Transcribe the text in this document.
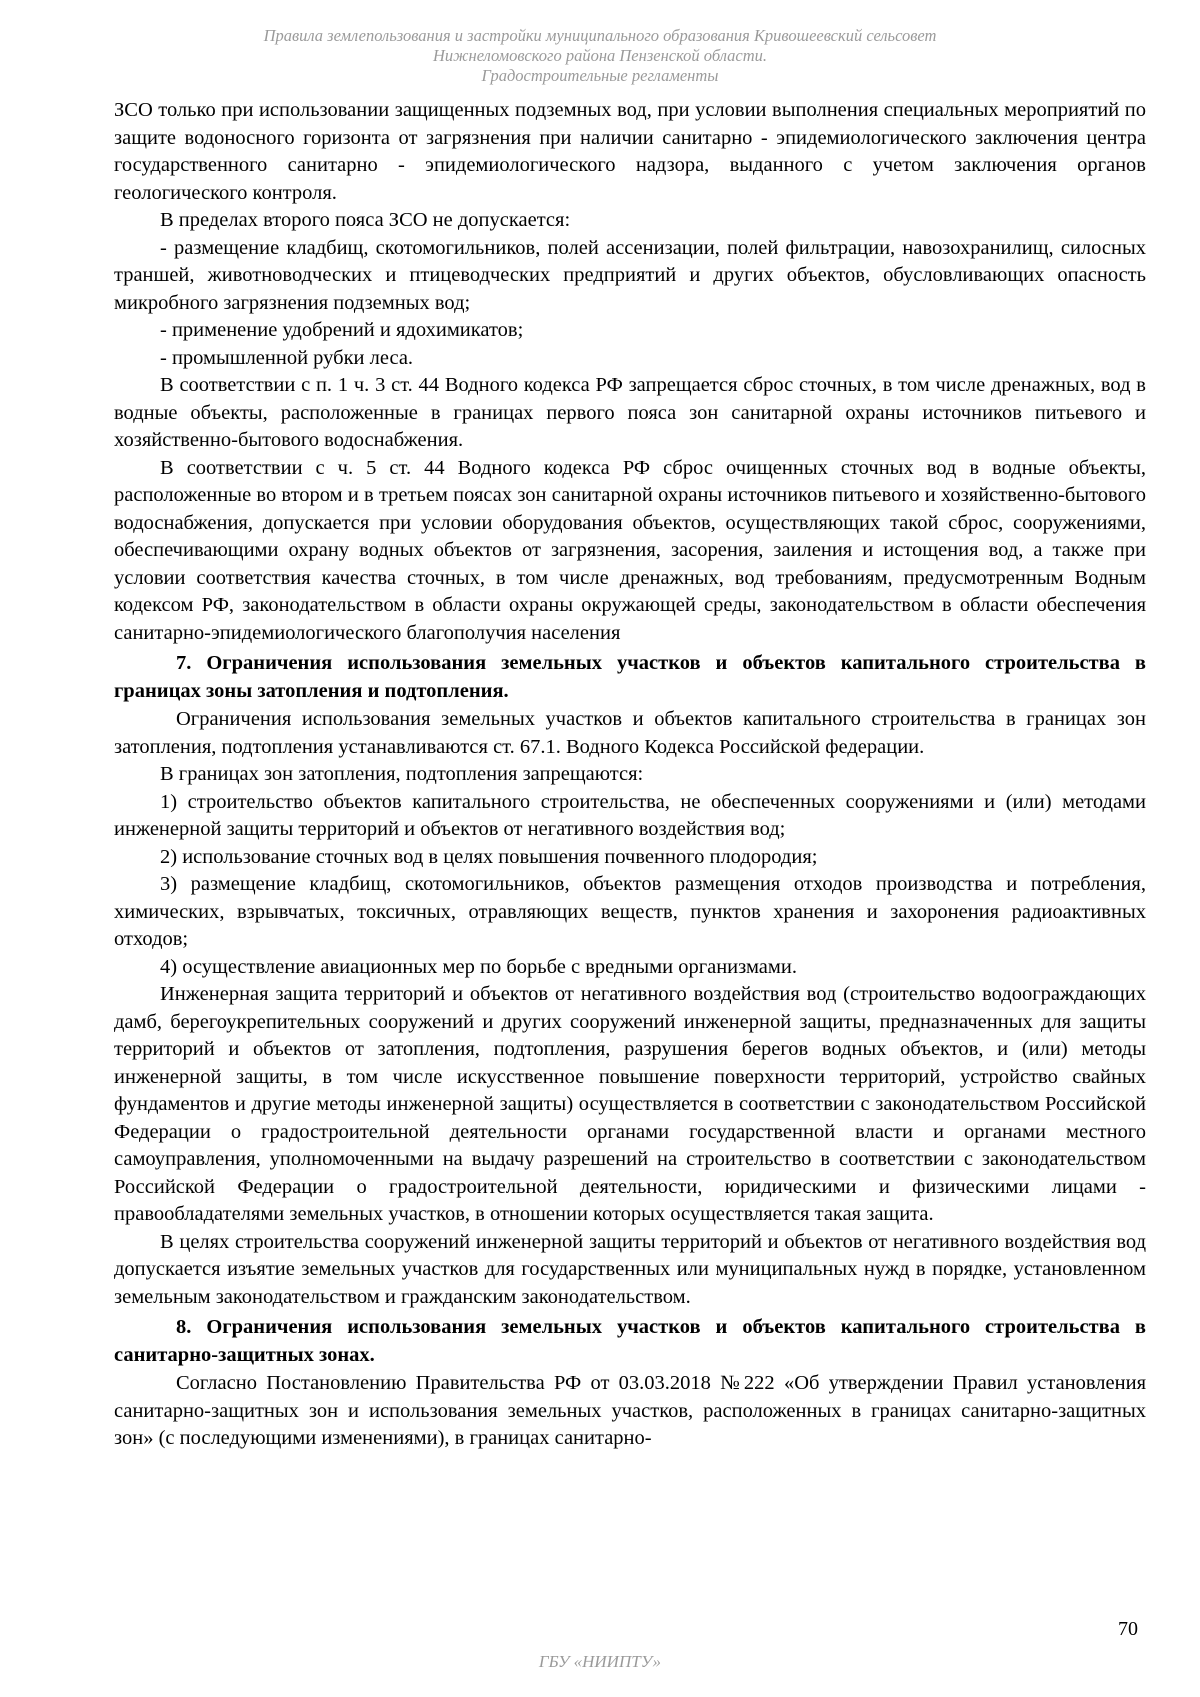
Правила землепользования и застройки муниципального образования Кривошеевский сельсовет
Нижнеломовского района Пензенской области.
Градостроительные регламенты

ЗСО только при использовании защищенных подземных вод, при условии выполнения специальных мероприятий по защите водоносного горизонта от загрязнения при наличии санитарно - эпидемиологического заключения центра государственного санитарно - эпидемиологического надзора, выданного с учетом заключения органов геологического контроля.

В пределах второго пояса ЗСО не допускается:

- размещение кладбищ, скотомогильников, полей ассенизации, полей фильтрации, навозохранилищ, силосных траншей, животноводческих и птицеводческих предприятий и других объектов, обусловливающих опасность микробного загрязнения подземных вод;

- применение удобрений и ядохимикатов;

- промышленной рубки леса.

В соответствии с п. 1 ч. 3 ст. 44 Водного кодекса РФ запрещается сброс сточных, в том числе дренажных, вод в водные объекты, расположенные в границах первого пояса зон санитарной охраны источников питьевого и хозяйственно-бытового водоснабжения.

В соответствии с ч. 5 ст. 44 Водного кодекса РФ сброс очищенных сточных вод в водные объекты, расположенные во втором и в третьем поясах зон санитарной охраны источников питьевого и хозяйственно-бытового водоснабжения, допускается при условии оборудования объектов, осуществляющих такой сброс, сооружениями, обеспечивающими охрану водных объектов от загрязнения, засорения, заиления и истощения вод, а также при условии соответствия качества сточных, в том числе дренажных, вод требованиям, предусмотренным Водным кодексом РФ, законодательством в области охраны окружающей среды, законодательством в области обеспечения санитарно-эпидемиологического благополучия населения

7. Ограничения использования земельных участков и объектов капитального строительства в границах зоны затопления и подтопления.

Ограничения использования земельных участков и объектов капитального строительства в границах зон затопления, подтопления устанавливаются ст. 67.1. Водного Кодекса Российской федерации.

В границах зон затопления, подтопления запрещаются:

1) строительство объектов капитального строительства, не обеспеченных сооружениями и (или) методами инженерной защиты территорий и объектов от негативного воздействия вод;

2) использование сточных вод в целях повышения почвенного плодородия;

3) размещение кладбищ, скотомогильников, объектов размещения отходов производства и потребления, химических, взрывчатых, токсичных, отравляющих веществ, пунктов хранения и захоронения радиоактивных отходов;

4) осуществление авиационных мер по борьбе с вредными организмами.

Инженерная защита территорий и объектов от негативного воздействия вод (строительство водоограждающих дамб, берегоукрепительных сооружений и других сооружений инженерной защиты, предназначенных для защиты территорий и объектов от затопления, подтопления, разрушения берегов водных объектов, и (или) методы инженерной защиты, в том числе искусственное повышение поверхности территорий, устройство свайных фундаментов и другие методы инженерной защиты) осуществляется в соответствии с законодательством Российской Федерации о градостроительной деятельности органами государственной власти и органами местного самоуправления, уполномоченными на выдачу разрешений на строительство в соответствии с законодательством Российской Федерации о градостроительной деятельности, юридическими и физическими лицами - правообладателями земельных участков, в отношении которых осуществляется такая защита.

В целях строительства сооружений инженерной защиты территорий и объектов от негативного воздействия вод допускается изъятие земельных участков для государственных или муниципальных нужд в порядке, установленном земельным законодательством и гражданским законодательством.

8. Ограничения использования земельных участков и объектов капитального строительства в санитарно-защитных зонах.

Согласно Постановлению Правительства РФ от 03.03.2018 №222 «Об утверждении Правил установления санитарно-защитных зон и использования земельных участков, расположенных в границах санитарно-защитных зон» (с последующими изменениями), в границах санитарно-

70
ГБУ «НИИПТУ»
